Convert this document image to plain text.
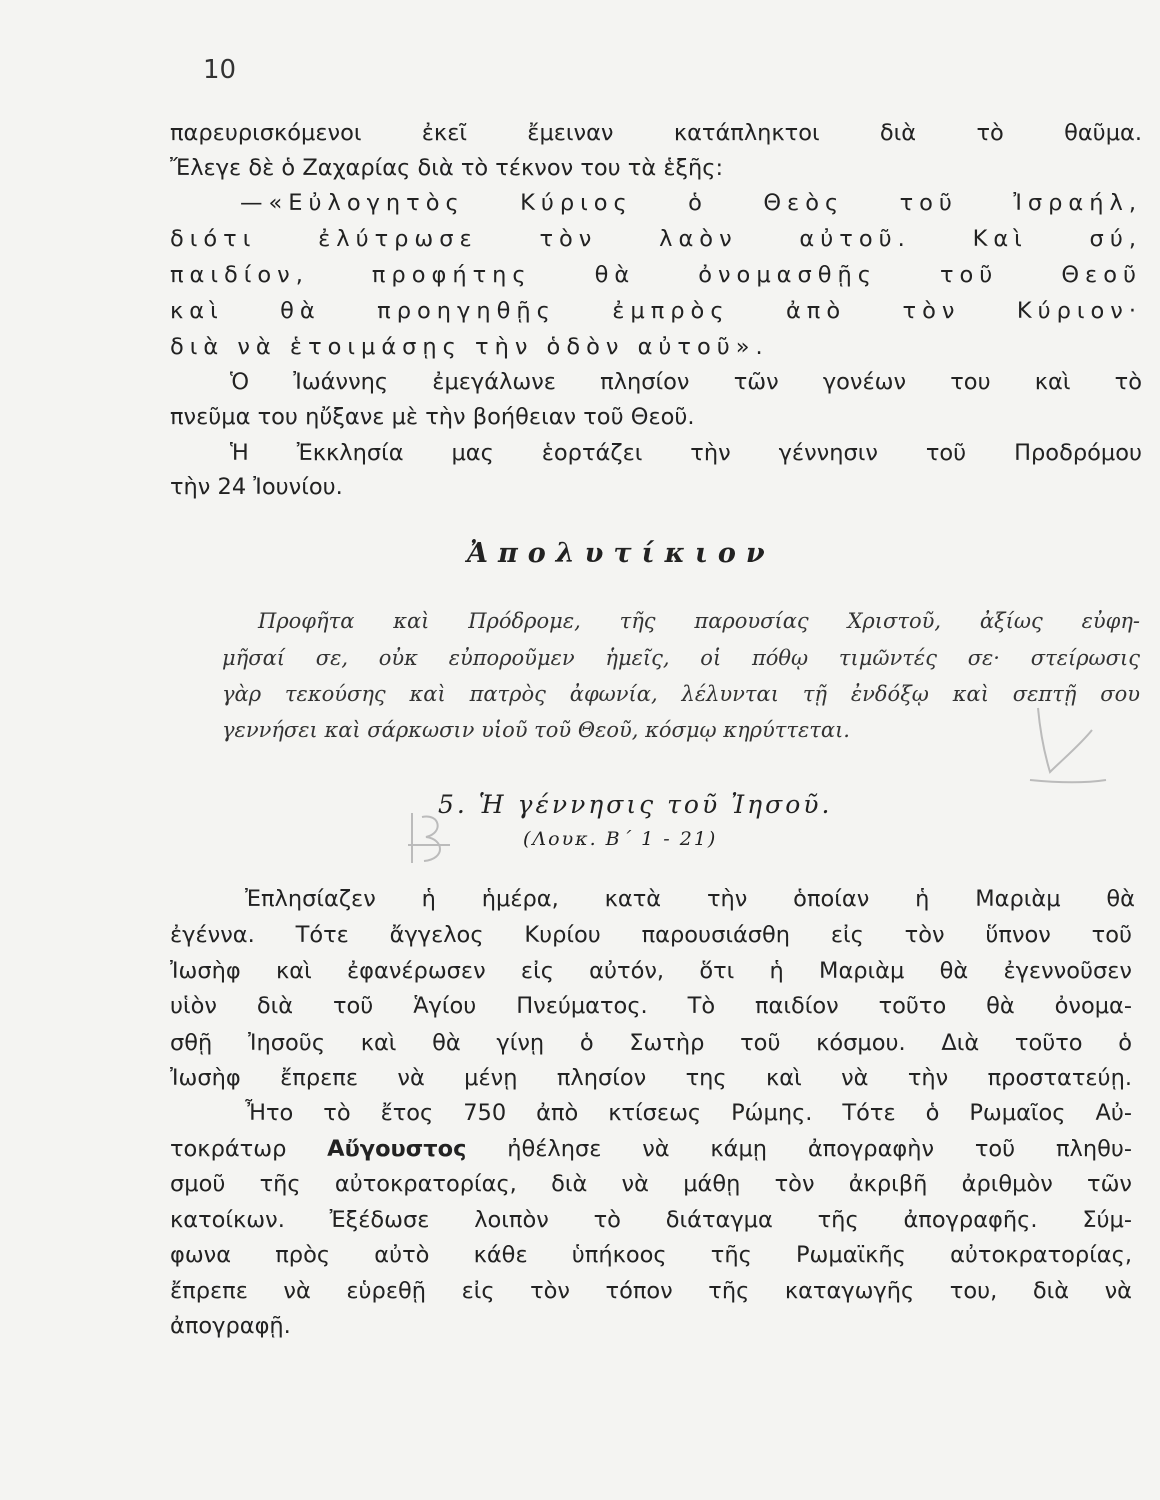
10
παρευρισκόμενοι ἐκεῖ ἔμειναν κατάπληκτοι διὰ τὸ θαῦμα.
Ἔλεγε δὲ ὁ Ζαχαρίας διὰ τὸ τέκνον του τὰ ἑξῆς:
—«Εὐλογητὸς Κύριος ὁ Θεὸς τοῦ Ἰσραήλ,
διότι ἐλύτρωσε τὸν λαὸν αὐτοῦ. Καὶ σύ,
παιδίον, προφήτης θὰ ὀνομασθῇς τοῦ Θεοῦ
καὶ θὰ προηγηθῇς ἐμπρὸς ἀπὸ τὸν Κύριον·
διὰ νὰ ἑτοιμάσῃς τὴν ὁδὸν αὐτοῦ».
Ὁ Ἰωάννης ἐμεγάλωνε πλησίον τῶν γονέων του καὶ τὸ
πνεῦμα του ηὔξανε μὲ τὴν βοήθειαν τοῦ Θεοῦ.
Ἡ Ἐκκλησία μας ἑορτάζει τὴν γέννησιν τοῦ Προδρόμου
τὴν 24 Ἰουνίου.
Ἀπολυτίκιον
Προφῆτα καὶ Πρόδρομε, τῆς παρουσίας Χριστοῦ, ἀξίως εὐφη-
μῆσαί σε, οὐκ εὐποροῦμεν ἡμεῖς, οἱ πόθῳ τιμῶντές σε· στείρωσις
γὰρ τεκούσης καὶ πατρὸς ἀφωνία, λέλυνται τῇ ἐνδόξῳ καὶ σεπτῇ σου
γεννήσει καὶ σάρκωσιν υἱοῦ τοῦ Θεοῦ, κόσμῳ κηρύττεται.
5. Ἡ γέννησις τοῦ Ἰησοῦ.
(Λουκ. Β΄ 1 - 21)
Ἐπλησίαζεν ἡ ἡμέρα, κατὰ τὴν ὁποίαν ἡ Μαριὰμ θὰ
ἐγέννα. Τότε ἄγγελος Κυρίου παρουσιάσθη εἰς τὸν ὕπνον τοῦ
Ἰωσὴφ καὶ ἐφανέρωσεν εἰς αὐτόν, ὅτι ἡ Μαριὰμ θὰ ἐγεννοῦσεν
υἱὸν διὰ τοῦ Ἁγίου Πνεύματος. Τὸ παιδίον τοῦτο θὰ ὀνομα-
σθῇ Ἰησοῦς καὶ θὰ γίνῃ ὁ Σωτὴρ τοῦ κόσμου. Διὰ τοῦτο ὁ
Ἰωσὴφ ἔπρεπε νὰ μένῃ πλησίον της καὶ νὰ τὴν προστατεύῃ.
Ἦτο τὸ ἔτος 750 ἀπὸ κτίσεως Ρώμης. Τότε ὁ Ρωμαῖος Αὐ-
τοκράτωρ Αὔγουστος ἠθέλησε νὰ κάμῃ ἀπογραφὴν τοῦ πληθυ-
σμοῦ τῆς αὐτοκρατορίας, διὰ νὰ μάθῃ τὸν ἀκριβῆ ἀριθμὸν τῶν
κατοίκων. Ἐξέδωσε λοιπὸν τὸ διάταγμα τῆς ἀπογραφῆς. Σύμ-
φωνα πρὸς αὐτὸ κάθε ὑπήκοος τῆς Ρωμαϊκῆς αὐτοκρατορίας,
ἔπρεπε νὰ εὑρεθῇ εἰς τὸν τόπον τῆς καταγωγῆς του, διὰ νὰ
ἀπογραφῇ.
